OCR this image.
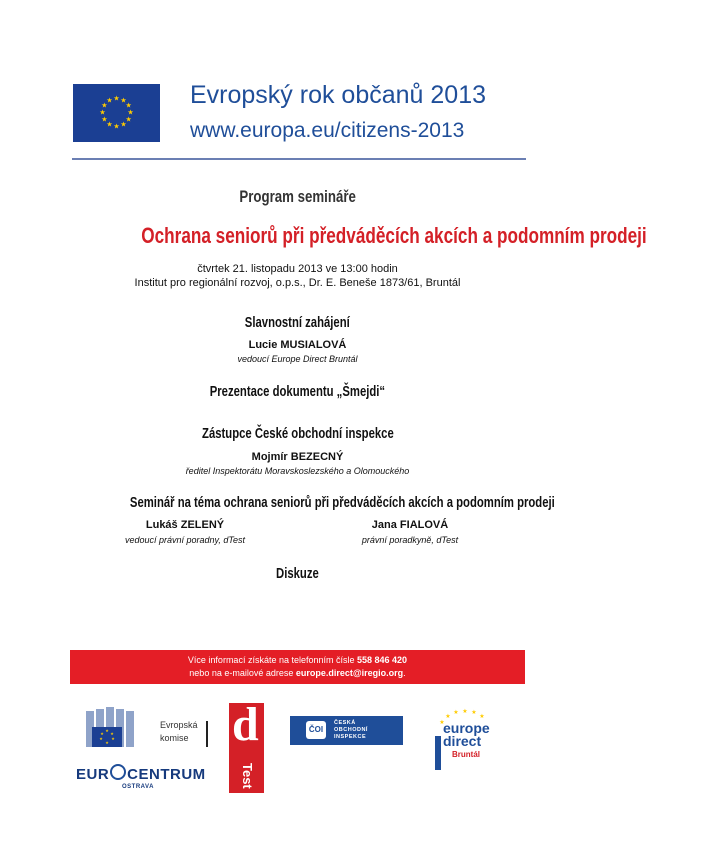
★ ★
★
★
★
★
★
★
★
★
★
★	Evropský rok občanů 2013
www.europa.eu/citizens-2013
Program semináře
Ochrana seniorů při předváděcích akcích a podomním prodeji
čtvrtek 21. listopadu 2013 ve 13:00 hodin
Institut pro regionální rozvoj, o.p.s., Dr. E. Beneše 1873/61, Bruntál
Slavnostní zahájení
Lucie MUSIALOVÁ
vedoucí Europe Direct Bruntál
Prezentace dokumentu „Šmejdi“
Zástupce České obchodní inspekce
Mojmír BEZECNÝ
ředitel Inspektorátu Moravskoslezského a Olomouckého
Seminář na téma ochrana seniorů při předváděcích akcích a podomním prodeji
Lukáš ZELENÝ
vedoucí právní poradny, dTest
Jana FIALOVÁ
právní poradkyně, dTest
Diskuze
Více informací získáte na telefonním čísle 558 846 420
nebo na e-mailové adrese europe.direct@iregio.org.
★
★
★
★
★
★
Evropská
komise
EUR CENTRUM
OSTRAVA
d
Test
ČOI
ČESKÁ
OBCHODNÍ
INSPEKCE
★
★
★ ★ ★
★
europe
direct
Bruntál
